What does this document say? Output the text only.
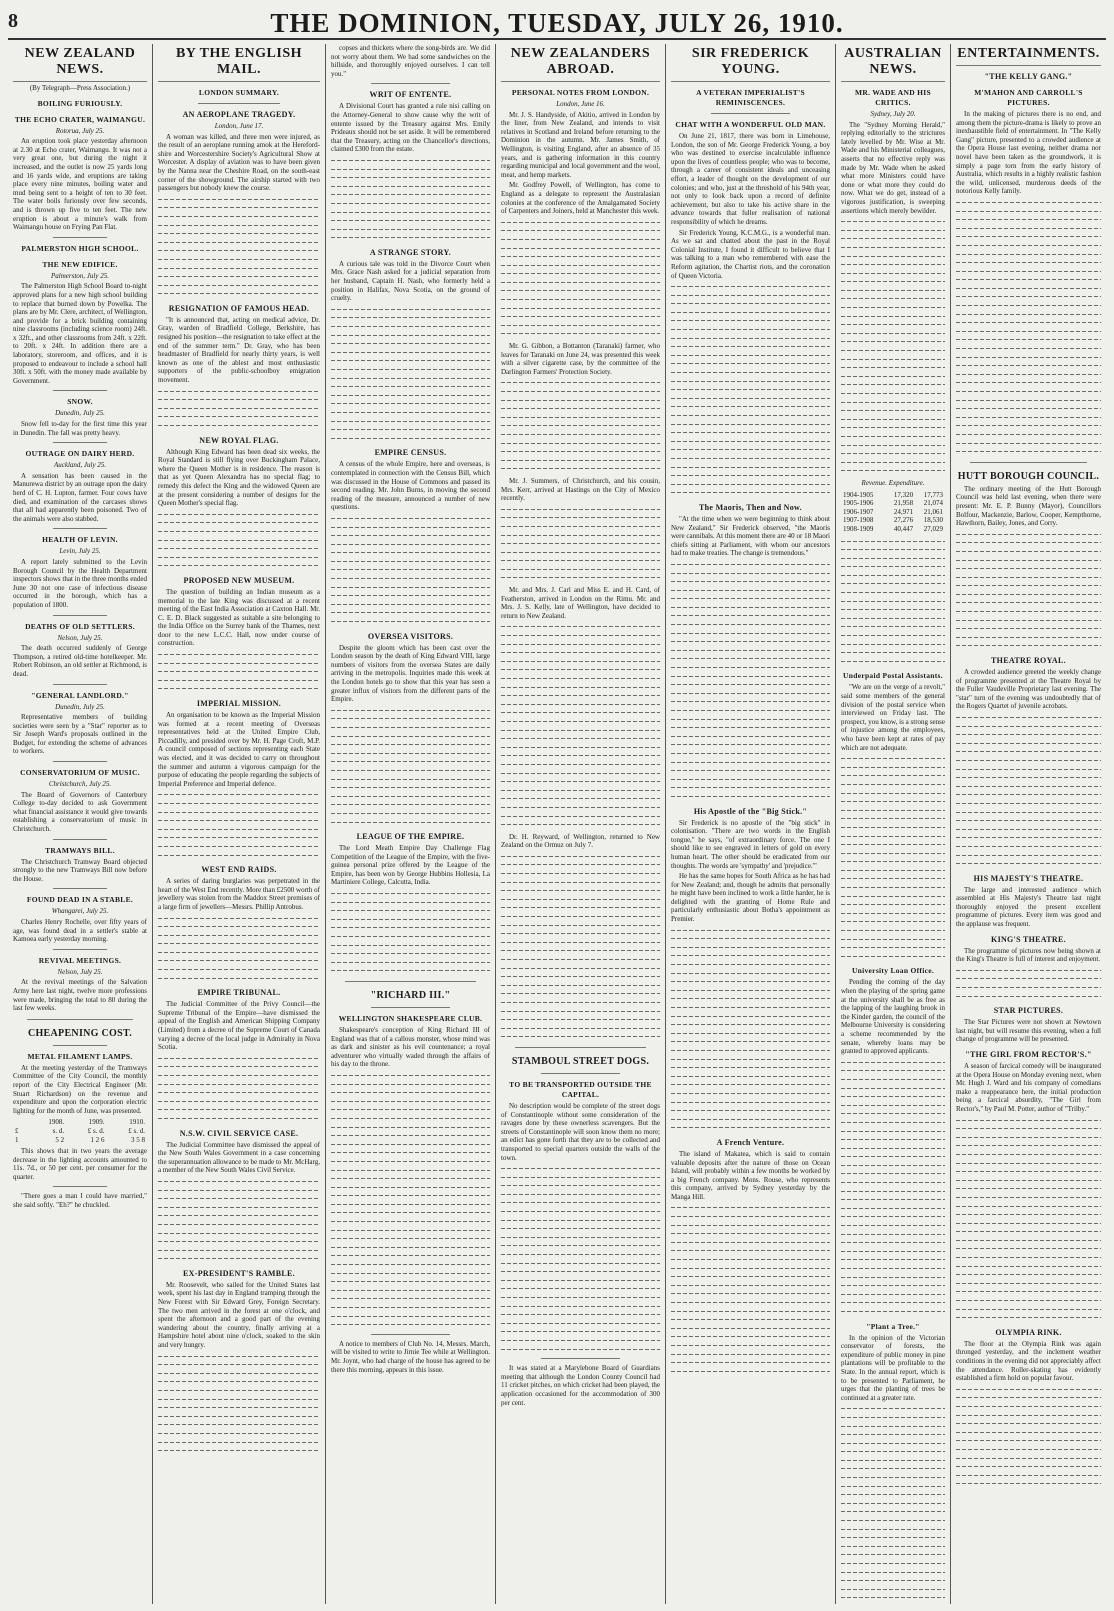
8	THE DOMINION, TUESDAY, JULY 26, 1910.
NEW ZEALAND NEWS.
(By Telegraph—Press Association.)
BOILING FURIOUSLY.
THE ECHO CRATER, WAIMANGU.
Rotorua, July 25.

An eruption took place yesterday afternoon at 2.30 at Echo crater, Waimangu. It was not a very great one, but during the night it increased, and the outlet is now 25 yards long and 16 yards wide, and eruptions are taking place every nine minutes, boiling water and mud being sent to a height of ten to 30 feet. The water boils furiously over few seconds, and is thrown up five to ten feet. The new eruption is about a minute's walk from Waimangu house on Frying Pan Flat.

PALMERSTON HIGH SCHOOL.
THE NEW EDIFICE.
Palmerston, July 25.

The Palmerston High School Board to-night approved plans for a new high school building to replace that burned down by Powelka. The plans are by Mr. Clere, architect, of Wellington, and provide for a brick building containing nine classrooms (including science room) 24ft. x 32ft., and other classrooms from 24ft. x 22ft. to 20ft. x 24ft. In addition there are a laboratory, storeroom, and offices, and it is proposed to endeavour to include a school hall 30ft. x 50ft. with the money made available by Government.

SNOW.
Dunedin, July 25.

Snow fell to-day for the first time this year in Dunedin. The fall was pretty heavy.

OUTRAGE ON DAIRY HERD.
Auckland, July 25.

A sensation has been caused in the Manurewa district by an outrage upon the dairy herd of C. H. Lupton, farmer. Four cows have died, and examination of the carcases shows that all had apparently been poisoned. Two of the animals were also stabbed.

HEALTH OF LEVIN.
Levin, July 25.

A report lately submitted to the Levin Borough Council by the Health Department inspectors shows that in the three months ended June 30 not one case of infectious disease occurred in the borough, which has a population of 1800.

DEATHS OF OLD SETTLERS.
Nelson, July 25.

The death occurred suddenly of George Thompson, a retired old-time hotelkeeper. Mr. Robert Robinson, an old settler at Richmond, is dead.

"GENERAL LANDLORD."
Dunedin, July 25.

Representative members of building societies were seen by a "Star" reporter as to Sir Joseph Ward's proposals outlined in the Budget, for extending the scheme of advances to workers.

CONSERVATORIUM OF MUSIC.
Christchurch, July 25.

The Board of Governors of Canterbury College to-day decided to ask Government what financial assistance it would give towards establishing a conservatorium of music in Christchurch.

TRAMWAYS BILL.

The Christchurch Tramway Board objected strongly to the new Tramways Bill now before the House.

FOUND DEAD IN A STABLE.
Whangarei, July 25.

Charles Henry Rochelle, over fifty years of age, was found dead in a settler's stable at Kamoea early yesterday morning.

REVIVAL MEETINGS.
Nelson, July 25.

At the revival meetings of the Salvation Army here last night, twelve more professions were made, bringing the total to 80 during the last few weeks.

CHEAPENING COST.
METAL FILAMENT LAMPS.

At the meeting yesterday of the Tramways Committee of the City Council, the monthly report of the City Electrical Engineer (Mr. Stuart Richardson) on the revenue and expenditure and upon the corporation electric lighting for the month of June, was presented.

	1908.	1909.	1910.
£	s. d.	£ s. d.	£ s. d.
1	5 2	1 2 6	3 5 8

This shows that in two years the average decrease in the lighting accounts amounted to 11s. 7d., or 50 per cent. per consumer for the quarter.

"There goes a man I could have married," she said softly. "Eh?" he chuckled.

BY THE ENGLISH MAIL.
LONDON SUMMARY.
AN AEROPLANE TRAGEDY.
London, June 17.

A woman was killed, and three men were injured, as the result of an aeroplane running amok at the Hereford-shire and Worcestershire Society's Agricultural Show at Worcester. A display of aviation was to have been given by the Nanna near the Cheshire Road, on the south-east corner of the showground. The airship started with two passengers but nobody knew the course.

RESIGNATION OF FAMOUS HEAD.

"It is announced that, acting on medical advice, Dr. Gray, warden of Bradfield College, Berkshire, has resigned his position—the resignation to take effect at the end of the summer term." Dr. Gray, who has been headmaster of Bradfield for nearly thirty years, is well known as one of the ablest and most enthusiastic supporters of the public-schoolboy emigration movement.

NEW ROYAL FLAG.

Although King Edward has been dead six weeks, the Royal Standard is still flying over Buckingham Palace, where the Queen Mother is in residence. The reason is that as yet Queen Alexandra has no special flag; to remedy this defect the King and the widowed Queen are at the present considering a number of designs for the Queen Mother's special flag.

PROPOSED NEW MUSEUM.

The question of building an Indian museum as a memorial to the late King was discussed at a recent meeting of the East India Association at Caxton Hall. Mr. C. E. D. Black suggested as suitable a site belonging to the India Office on the Surrey bank of the Thames, next door to the new L.C.C. Hall, now under course of construction.

IMPERIAL MISSION.

An organisation to be known as the Imperial Mission was formed at a recent meeting of Overseas representatives held at the United Empire Club, Piccadilly, and presided over by Mr. H. Page Croft, M.P. A council composed of sections representing each State was elected, and it was decided to carry on throughout the summer and autumn a vigorous campaign for the purpose of educating the people regarding the subjects of Imperial Preference and Imperial defence.

WEST END RAIDS.

A series of daring burglaries was perpetrated in the heart of the West End recently. More than £2500 worth of jewellery was stolen from the Maddox Street premises of a large firm of jewellers—Messrs. Phillip Antrobus.

EMPIRE TRIBUNAL.

The Judicial Committee of the Privy Council—the Supreme Tribunal of the Empire—have dismissed the appeal of the English and American Shipping Company (Limited) from a decree of the Supreme Court of Canada varying a decree of the local judge in Admiralty in Nova Scotia.

N.S.W. CIVIL SERVICE CASE.

The Judicial Committee have dismissed the appeal of the New South Wales Government in a case concerning the superannuation allowance to be made to Mr. McHarg, a member of the New South Wales Civil Service.

EX-PRESIDENT'S RAMBLE.

Mr. Roosevelt, who sailed for the United States last week, spent his last day in England tramping through the New Forest with Sir Edward Grey, Foreign Secretary. The two men arrived in the forest at one o'clock, and spent the afternoon and a good part of the evening wandering about the country, finally arriving at a Hampshire hotel about nine o'clock, soaked to the skin and very hungry.

copses and thickets where the song-birds are. We did not worry about them. We had some sandwiches on the hillside, and thoroughly enjoyed ourselves. I can tell you."

WRIT OF ENTENTE.

A Divisional Court has granted a rule nisi calling on the Attorney-General to show cause why the writ of entente issued by the Treasury against Mrs. Emily Prideaux should not be set aside. It will be remembered that the Treasury, acting on the Chancellor's directions, claimed £300 from the estate.

A STRANGE STORY.

A curious tale was told in the Divorce Court when Mrs. Grace Nash asked for a judicial separation from her husband, Captain H. Nash, who formerly held a position in Halifax, Nova Scotia, on the ground of cruelty.

EMPIRE CENSUS.

A census of the whole Empire, here and overseas, is contemplated in connection with the Census Bill, which was discussed in the House of Commons and passed its second reading. Mr. John Burns, in moving the second reading of the measure, announced a number of new questions.

OVERSEA VISITORS.

Despite the gloom which has been cast over the London season by the death of King Edward VIII, large numbers of visitors from the oversea States are daily arriving in the metropolis. Inquiries made this week at the London hotels go to show that this year has seen a greater influx of visitors from the different parts of the Empire.

LEAGUE OF THE EMPIRE.

The Lord Meath Empire Day Challenge Flag Competition of the League of the Empire, with the five-guinea personal prize offered by the League of the Empire, has been won by George Hubbins Hollesia, La Martiniere College, Calcutta, India.

"RICHARD III."
WELLINGTON SHAKESPEARE CLUB.

Shakespeare's conception of King Richard III of England was that of a callous monster, whose mind was as dark and sinister as his evil countenance; a royal adventurer who virtually waded through the affairs of his day to the throne.

A notice to members of Club No. 14, Messrs. March, will be visited to write to Jirnie Tee while at Wellington. Mr. Joynt, who had charge of the house has agreed to be there this morning, appears in this issue.

NEW ZEALANDERS ABROAD.
PERSONAL NOTES FROM LONDON.
London, June 16.

Mr. J. S. Handyside, of Akitio, arrived in London by the liner, from New Zealand, and intends to visit relatives in Scotland and Ireland before returning to the Dominion in the autumn. Mr. James Smith, of Wellington, is visiting England, after an absence of 35 years, and is gathering information in this country regarding municipal and local government and the wool, meat, and hemp markets.

Mr. Godfrey Powell, of Wellington, has come to England as a delegate to represent the Australasian colonies at the conference of the Amalgamated Society of Carpenters and Joiners, held at Manchester this week.

Mr. G. Gibbon, a Bottanton (Taranaki) farmer, who leaves for Taranaki on June 24, was presented this week with a silver cigarette case, by the committee of the Darlington Farmers' Protection Society.

Mr. J. Summers, of Christchurch, and his cousin, Mrs. Kerr, arrived at Hastings on the City of Mexico recently.

Mr. and Mrs. J. Carl and Miss E. and H. Card, of Featherston, arrived in London on the Rimu. Mr. and Mrs. J. S. Kelly, late of Wellington, have decided to return to New Zealand.

Dr. H. Reyward, of Wellington, returned to New Zealand on the Ormuz on July 7.

STAMBOUL STREET DOGS.
TO BE TRANSPORTED OUTSIDE THE CAPITAL.

No description would be complete of the street dogs of Constantinople without some consideration of the ravages done by these ownerless scavengers. But the streets of Constantinople will soon know them no more; an edict has gone forth that they are to be collected and transported to special quarters outside the walls of the town.

It was stated at a Marylebone Board of Guardians meeting that although the London County Council had 11 cricket pitches, on which cricket had been played, the application occasioned for the accommodation of 300 per cent.

SIR FREDERICK YOUNG.
A VETERAN IMPERIALIST'S REMINISCENCES.
CHAT WITH A WONDERFUL OLD MAN.

On June 21, 1817, there was born in Limehouse, London, the son of Mr. George Frederick Young, a boy who was destined to exercise incalculable influence upon the lives of countless people; who was to become, through a career of consistent ideals and unceasing effort, a leader of thought on the development of our colonies; and who, just at the threshold of his 94th year, not only to look back upon a record of definite achievement, but also to take his active share in the advance towards that fuller realisation of national responsibility of which he dreams.

Sir Frederick Young, K.C.M.G., is a wonderful man. As we sat and chatted about the past in the Royal Colonial Institute, I found it difficult to believe that I was talking to a man who remembered with ease the Reform agitation, the Chartist riots, and the coronation of Queen Victoria.

The Maoris, Then and Now.

"At the time when we were beginning to think about New Zealand," Sir Frederick observed, "the Maoris were cannibals. At this moment there are 40 or 18 Maori chiefs sitting at Parliament, with whom our ancestors had to make treaties. The change is tremendous."

His Apostle of the "Big Stick."

Sir Frederick is no apostle of the "big stick" in colonisation. "There are two words in the English tongue," he says, "of extraordinary force. The one I should like to see engraved in letters of gold on every human heart. The other should be eradicated from our thoughts. The words are 'sympathy' and 'prejudice.'"

He has the same hopes for South Africa as he has had for New Zealand; and, though he admits that personally he might have been inclined to work a little harder, he is delighted with the granting of Home Rule and particularly enthusiastic about Botha's appointment as Premier.

A French Venture.

The island of Makatea, which is said to contain valuable deposits after the nature of those on Ocean Island, will probably within a few months be worked by a big French company. Mons. Rouse, who represents this company, arrived by Sydney yesterday by the Manga Hill.

AUSTRALIAN NEWS.
MR. WADE AND HIS CRITICS.
Sydney, July 20.

The "Sydney Morning Herald," replying editorially to the strictures lately levelled by Mr. Wise at Mr. Wade and his Ministerial colleagues, asserts that no effective reply was made by Mr. Wade when he asked what more Ministers could have done or what more they could do now. What we do get, instead of a vigorous justification, is sweeping assertions which merely bewilder.

Revenue. Expenditure.
1904-1905	17,320	17,773
1905-1906	21,958	21,074
1906-1907	24,971	21,061
1907-1908	27,276	18,530
1908-1909	40,447	27,029
Underpaid Postal Assistants.

"We are on the verge of a revolt," said some members of the general division of the postal service when interviewed on Friday last. The prospect, you know, is a strong sense of injustice among the employees, who have been kept at rates of pay which are not adequate.

University Loan Office.

Pending the coming of the day when the playing of the spring game at the university shall be as free as the lapping of the laughing brook in the Kinder garden, the council of the Melbourne University is considering a scheme recommended by the senate, whereby loans may be granted to approved applicants.

"Plant a Tree."

In the opinion of the Victorian conservator of forests, the expenditure of public money in pine plantations will be profitable to the State. In the annual report, which is to be presented to Parliament, he urges that the planting of trees be continued at a greater rate.

ENTERTAINMENTS.
"THE KELLY GANG."
M'MAHON AND CARROLL'S PICTURES.

In the making of pictures there is no end, and among them the picture-drama is likely to prove an inexhaustible field of entertainment. In "The Kelly Gang" picture, presented to a crowded audience at the Opera House last evening, neither drama nor novel have been taken as the groundwork, it is simply a page torn from the early history of Australia, which results in a highly realistic fashion the wild, unlicensed, murderous deeds of the notorious Kelly family.

HUTT BOROUGH COUNCIL.

The ordinary meeting of the Hutt Borough Council was held last evening, when there were present: Mr. E. P. Bunny (Mayor), Councillors Bolfour, Mackenzie, Barlow, Cooper, Kempthorne, Hawthorn, Bailey, Jones, and Corry.

THEATRE ROYAL.

A crowded audience greeted the weekly change of programme presented at the Theatre Royal by the Fuller Vaudeville Proprietary last evening. The "star" turn of the evening was undoubtedly that of the Rogers Quartet of juvenile acrobats.

HIS MAJESTY'S THEATRE.

The large and interested audience which assembled at His Majesty's Theatre last night thoroughly enjoyed the present excellent programme of pictures. Every item was good and the applause was frequent.

KING'S THEATRE.

The programme of pictures now being shown at the King's Theatre is full of interest and enjoyment.

STAR PICTURES.

The Star Pictures were not shown at Newtown last night, but will resume this evening, when a full change of programme will be presented.

"THE GIRL FROM RECTOR'S."

A season of farcical comedy will be inaugurated at the Opera House on Monday evening next, when Mr. Hugh J. Ward and his company of comedians make a reappearance here, the initial production being a farcical absurdity, "The Girl from Rector's," by Paul M. Potter, author of "Trilby."

OLYMPIA RINK.

The floor at the Olympia Rink was again thronged yesterday, and the inclement weather conditions in the evening did not appreciably affect the attendance. Roller-skating has evidently established a firm hold on popular favour.
